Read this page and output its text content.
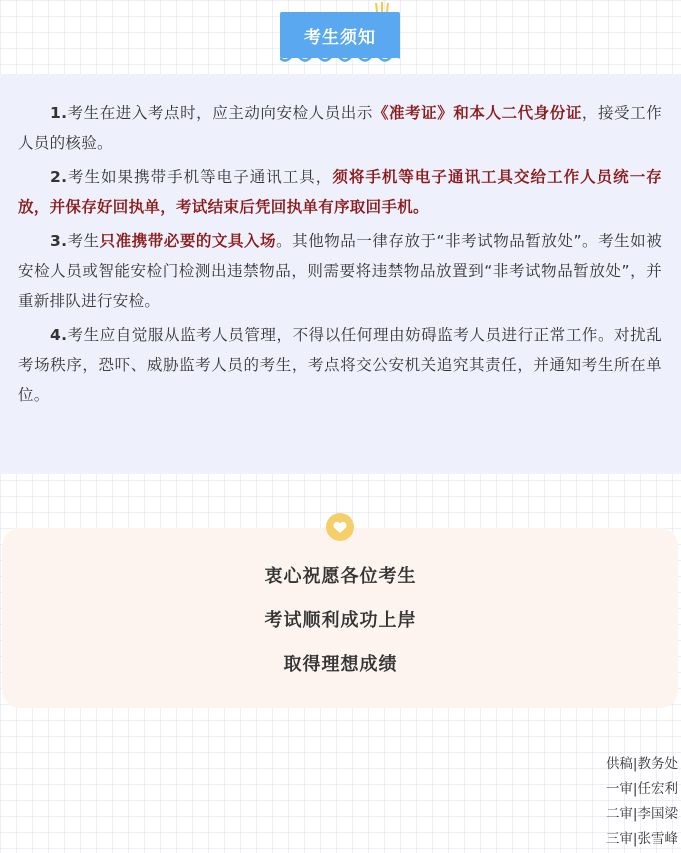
考生须知

1.考生在进入考点时，应主动向安检人员出示《准考证》和本人二代身份证，接受工作人员的核验。

2.考生如果携带手机等电子通讯工具，须将手机等电子通讯工具交给工作人员统一存放，并保存好回执单，考试结束后凭回执单有序取回手机。

3.考生只准携带必要的文具入场。其他物品一律存放于“非考试物品暂放处”。考生如被安检人员或智能安检门检测出违禁物品，则需要将违禁物品放置到“非考试物品暂放处”，并重新排队进行安检。

4.考生应自觉服从监考人员管理，不得以任何理由妨碍监考人员进行正常工作。对扰乱考场秩序，恐吓、威胁监考人员的考生，考点将交公安机关追究其责任，并通知考生所在单位。

衷心祝愿各位考生
考试顺利成功上岸
取得理想成绩
供稿|教务处
一审|任宏利
二审|李国梁
三审|张雪峰
